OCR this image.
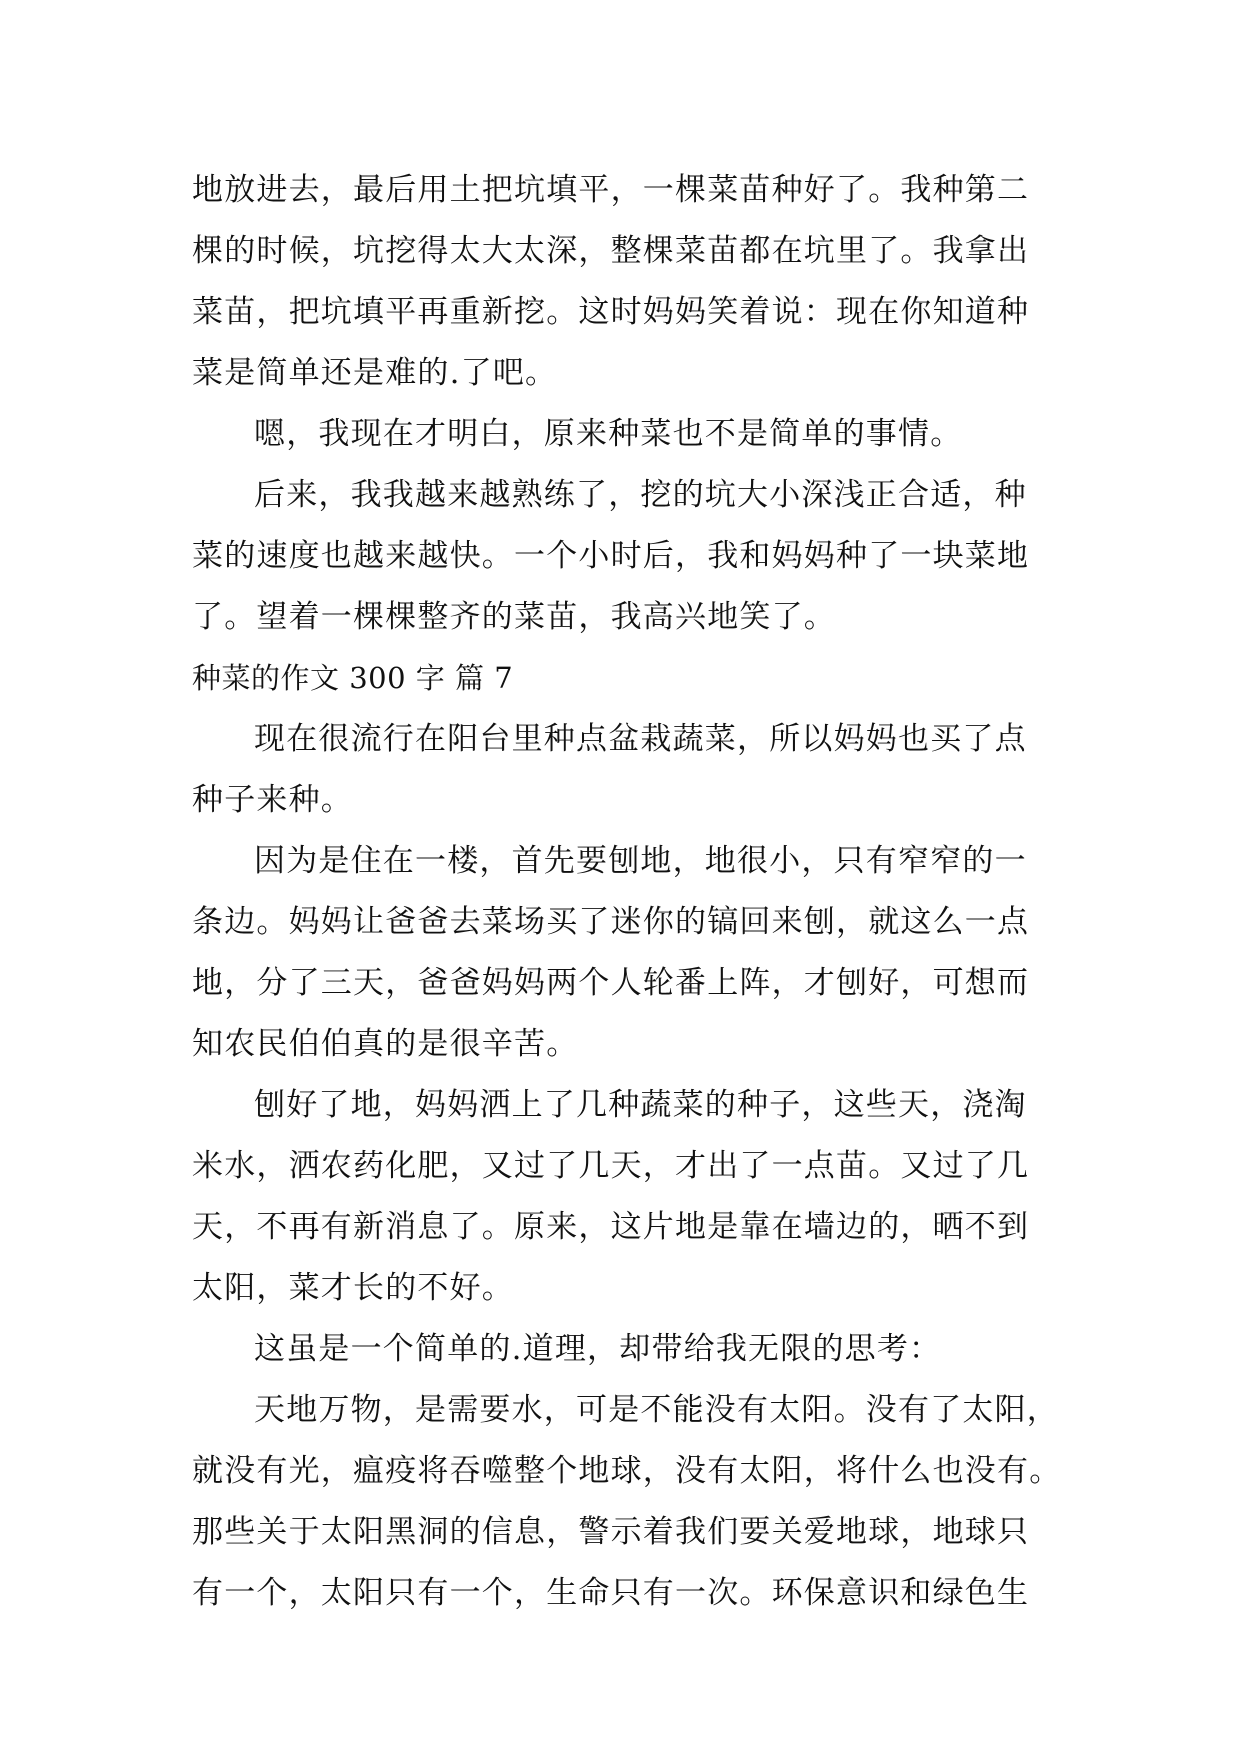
地放进去，最后用土把坑填平，一棵菜苗种好了。我种第二
棵的时候，坑挖得太大太深，整棵菜苗都在坑里了。我拿出
菜苗，把坑填平再重新挖。这时妈妈笑着说：现在你知道种
菜是简单还是难的.了吧。
嗯，我现在才明白，原来种菜也不是简单的事情。
后来，我我越来越熟练了，挖的坑大小深浅正合适，种
菜的速度也越来越快。一个小时后，我和妈妈种了一块菜地
了。望着一棵棵整齐的菜苗，我高兴地笑了。
种菜的作文 300 字 篇 7
现在很流行在阳台里种点盆栽蔬菜，所以妈妈也买了点
种子来种。
因为是住在一楼，首先要刨地，地很小，只有窄窄的一
条边。妈妈让爸爸去菜场买了迷你的镐回来刨，就这么一点
地，分了三天，爸爸妈妈两个人轮番上阵，才刨好，可想而
知农民伯伯真的是很辛苦。
刨好了地，妈妈洒上了几种蔬菜的种子，这些天，浇淘
米水，洒农药化肥，又过了几天，才出了一点苗。又过了几
天，不再有新消息了。原来，这片地是靠在墙边的，晒不到
太阳，菜才长的不好。
这虽是一个简单的.道理，却带给我无限的思考：
天地万物，是需要水，可是不能没有太阳。没有了太阳，
就没有光，瘟疫将吞噬整个地球，没有太阳，将什么也没有。
那些关于太阳黑洞的信息，警示着我们要关爱地球，地球只
有一个，太阳只有一个，生命只有一次。环保意识和绿色生
